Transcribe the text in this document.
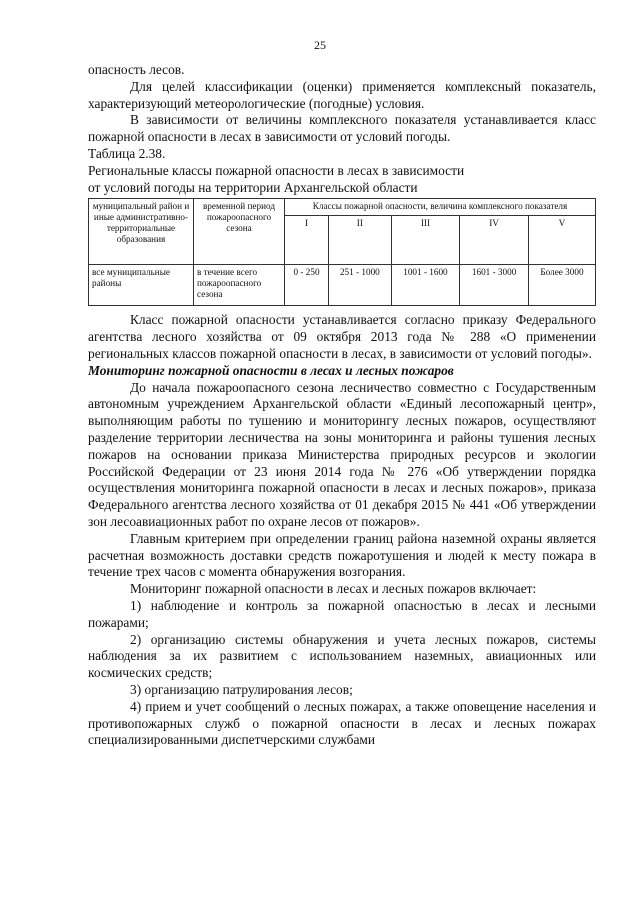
25

опасность лесов.

Для целей классификации (оценки) применяется комплексный показатель, характеризующий метеорологические (погодные) условия.

В зависимости от величины комплексного показателя устанавливается класс пожарной опасности в лесах в зависимости от условий погоды.

Таблица 2.38.

Региональные классы пожарной опасности в лесах в зависимости

от условий погоды на территории Архангельской области

муниципальный район и иные административно-территориальные образования	временной период пожароопасного сезона	Классы пожарной опасности, величина комплексного показателя				
		I	II	III	IV	V
все муниципальные районы	в течение всего пожароопасного сезона	0 - 250	251 - 1000	1001 - 1600	1601 - 3000	Более 3000

Класс пожарной опасности устанавливается согласно приказу Федерального агентства лесного хозяйства от 09 октября 2013 года № 288 «О применении региональных классов пожарной опасности в лесах, в зависимости от условий погоды».

Мониторинг пожарной опасности в лесах и лесных пожаров

До начала пожароопасного сезона лесничество совместно с Государственным автономным учреждением Архангельской области «Единый лесопожарный центр», выполняющим работы по тушению и мониторингу лесных пожаров, осуществляют разделение территории лесничества на зоны мониторинга и районы тушения лесных пожаров на основании приказа Министерства природных ресурсов и экологии Российской Федерации от 23 июня 2014 года № 276 «Об утверждении порядка осуществления мониторинга пожарной опасности в лесах и лесных пожаров», приказа Федерального агентства лесного хозяйства от 01 декабря 2015 № 441 «Об утверждении зон лесоавиационных работ по охране лесов от пожаров».

Главным критерием при определении границ района наземной охраны является расчетная возможность доставки средств пожаротушения и людей к месту пожара в течение трех часов с момента обнаружения возгорания.

Мониторинг пожарной опасности в лесах и лесных пожаров включает:

1) наблюдение и контроль за пожарной опасностью в лесах и лесными пожарами;

2) организацию системы обнаружения и учета лесных пожаров, системы наблюдения за их развитием с использованием наземных, авиационных или космических средств;

3) организацию патрулирования лесов;

4) прием и учет сообщений о лесных пожарах, а также оповещение населения и противопожарных служб о пожарной опасности в лесах и лесных пожарах специализированными диспетчерскими службами
